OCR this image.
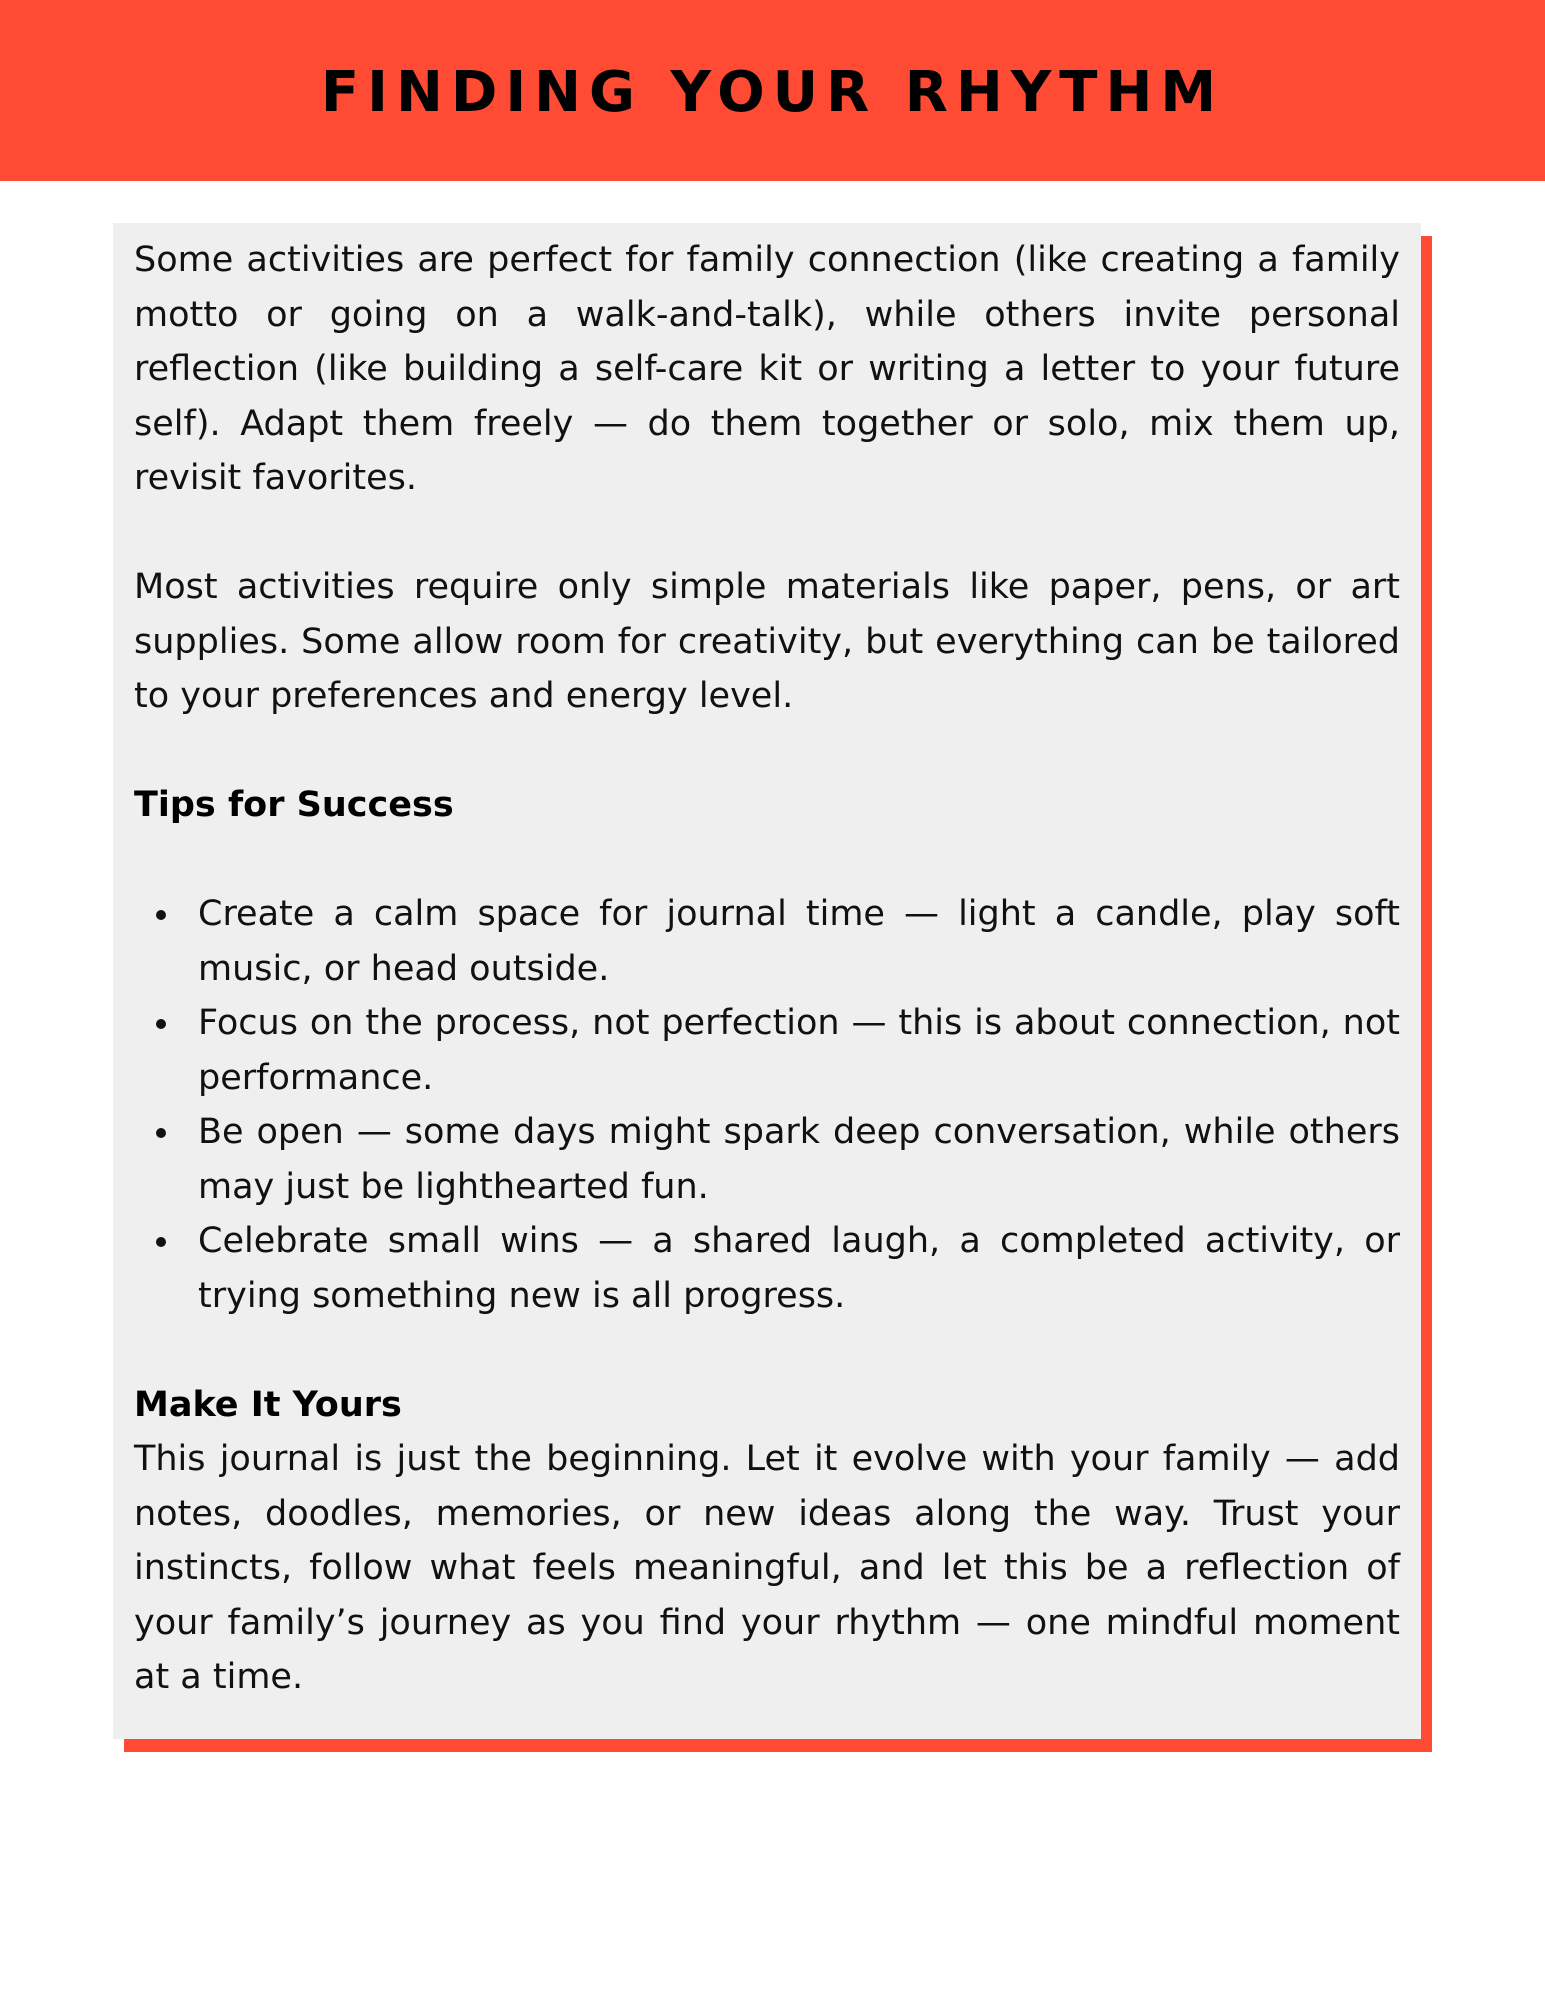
FINDING YOUR RHYTHM

Some activities are perfect for family connection (like creating a family motto or going on a walk-and-talk), while others invite personal reflection (like building a self-care kit or writing a letter to your future self). Adapt them freely — do them together or solo, mix them up, revisit favorites.

Most activities require only simple materials like paper, pens, or art supplies. Some allow room for creativity, but everything can be tailored to your preferences and energy level.

Tips for Success
Create a calm space for journal time — light a candle, play soft music, or head outside.
Focus on the process, not perfection — this is about connection, not performance.
Be open — some days might spark deep conversation, while others may just be lighthearted fun.
Celebrate small wins — a shared laugh, a completed activity, or trying something new is all progress.
Make It Yours

This journal is just the beginning. Let it evolve with your family — add notes, doodles, memories, or new ideas along the way. Trust your instincts, follow what feels meaningful, and let this be a reflection of your family’s journey as you find your rhythm — one mindful moment at a time.
